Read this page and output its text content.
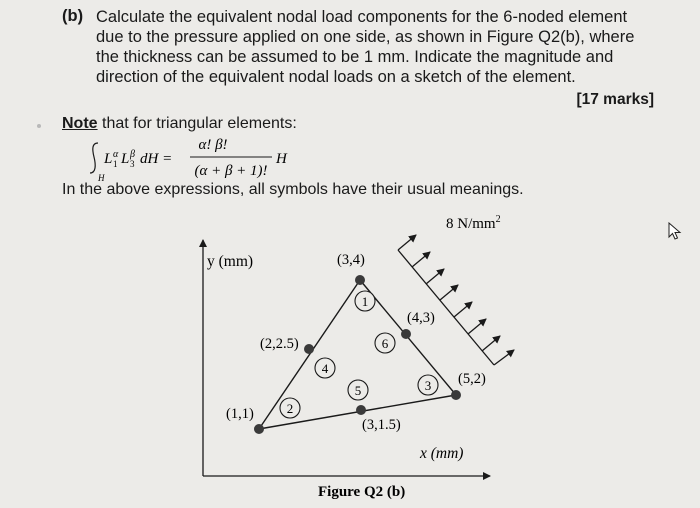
(b) Calculate the equivalent nodal load components for the 6-noded element
due to the pressure applied on one side, as shown in Figure Q2(b), where
the thickness can be assumed to be 1 mm. Indicate the magnitude and
direction of the equivalent nodal loads on a sketch of the element.
[17 marks]
Note that for triangular elements:
L α
1 L β
3 dH =
H
α! β!
(α + β + 1)!
H
In the above expressions, all symbols have their usual meanings.
y (mm)
x (mm)
8 $N/mm^2$
1
2
3
4
5
6
(1,1)
(2,2.5)
(3,4)
(4,3)
(5,2)
(3,1.5)
Figure Q2 (b)
